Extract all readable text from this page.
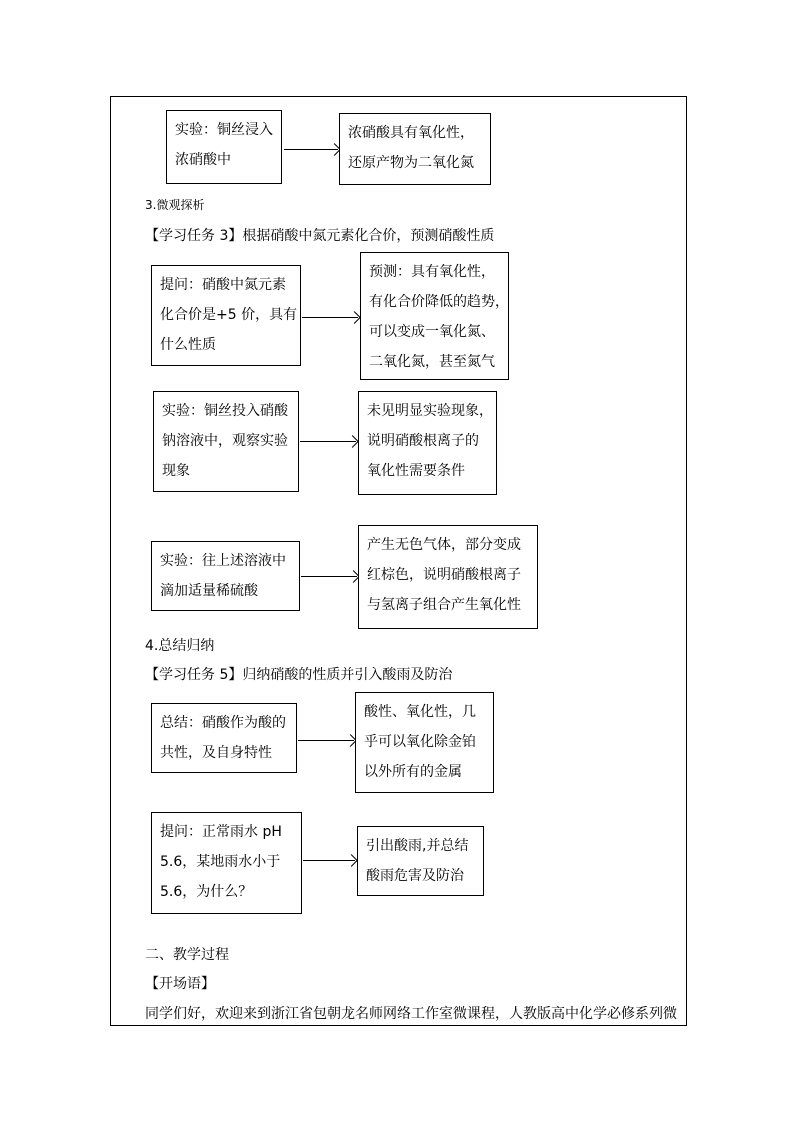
实验：铜丝浸入
浓硝酸中
浓硝酸具有氧化性，
还原产物为二氧化氮
3.微观探析
【学习任务 3】根据硝酸中氮元素化合价，预测硝酸性质
提问：硝酸中氮元素
化合价是+5 价，具有
什么性质
预测：具有氧化性，
有化合价降低的趋势，
可以变成一氧化氮、
二氧化氮，甚至氮气
实验：铜丝投入硝酸
钠溶液中，观察实验
现象
未见明显实验现象，
说明硝酸根离子的
氧化性需要条件
实验：往上述溶液中
滴加适量稀硫酸
产生无色气体，部分变成
红棕色，说明硝酸根离子
与氢离子组合产生氧化性
4.总结归纳
【学习任务 5】归纳硝酸的性质并引入酸雨及防治
总结：硝酸作为酸的
共性，及自身特性
酸性、氧化性，几
乎可以氧化除金铂
以外所有的金属
提问：正常雨水 pH
5.6，某地雨水小于
5.6，为什么？
引出酸雨,并总结
酸雨危害及防治
二、教学过程
【开场语】
同学们好，欢迎来到浙江省包朝龙名师网络工作室微课程，人教版高中化学必修系列微
